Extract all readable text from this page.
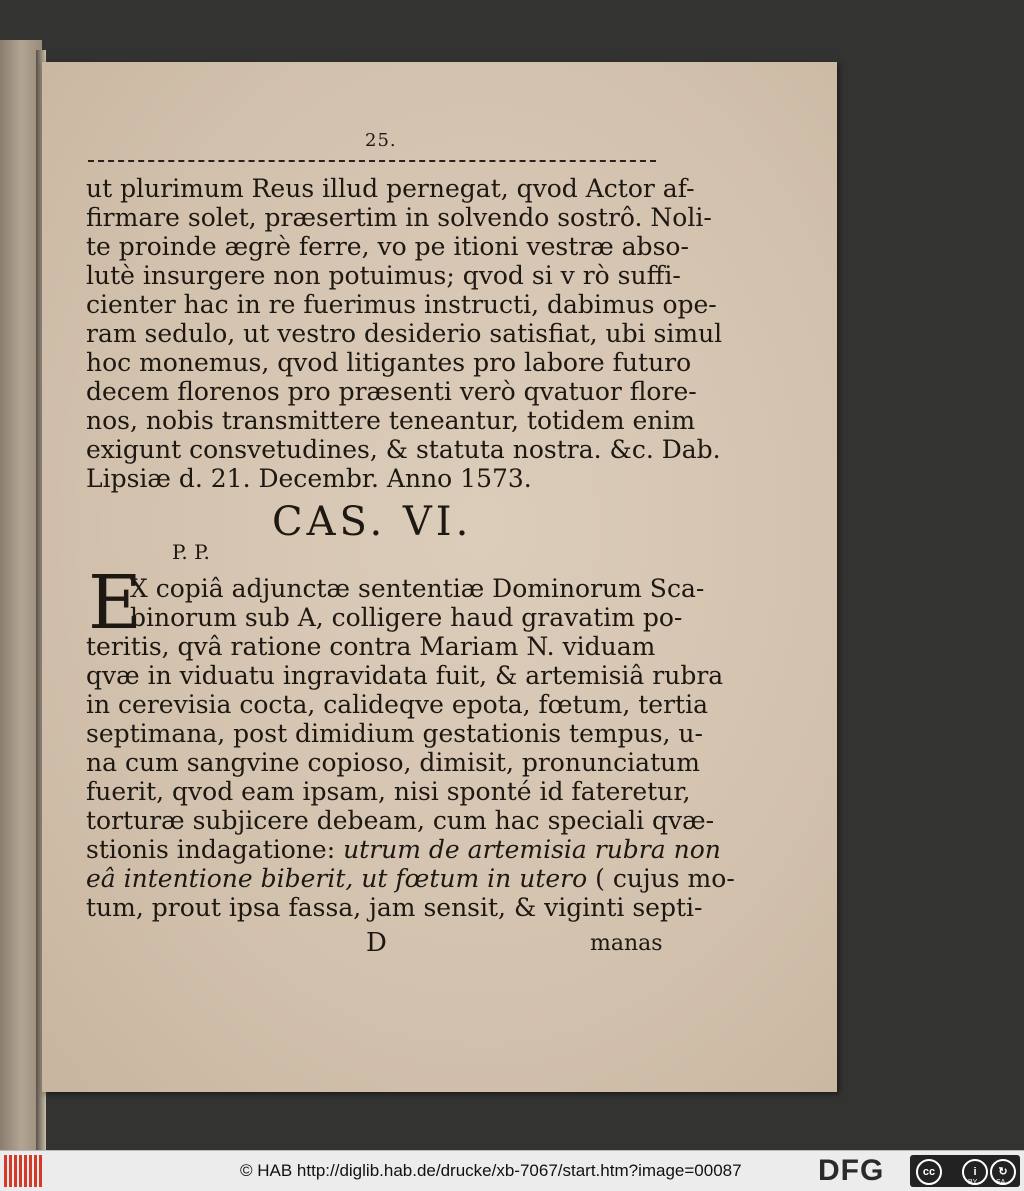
25.
ut plurimum Reus illud pernegat, qvod Actor af-
firmare solet, præsertim in solvendo sostrô. Noli-
te proinde ægrè ferre, vo pe itioni vestræ abso-
lutè insurgere non potuimus; qvod si v rò suffi-
cienter hac in re fuerimus instructi, dabimus ope-
ram sedulo, ut vestro desiderio satisfiat, ubi simul
hoc monemus, qvod litigantes pro labore futuro
decem florenos pro præsenti verò qvatuor flore-
nos, nobis transmittere teneantur, totidem enim
exigunt consvetudines, & statuta nostra. &c. Dab.
Lipsiæ d. 21. Decembr. Anno 1573.
CAS. VI.
P. P.
E
X copiâ adjunctæ sententiæ Dominorum Sca-
binorum sub A, colligere haud gravatim po-
teritis, qvâ ratione contra Mariam N. viduam
qvæ in viduatu ingravidata fuit, & artemisiâ rubra
in cerevisia cocta, calideqve epota, fœtum, tertia
septimana, post dimidium gestationis tempus, u-
na cum sangvine copioso, dimisit, pronunciatum
fuerit, qvod eam ipsam, nisi sponté id fateretur,
torturæ subjicere debeam, cum hac speciali qvæ-
stionis indagatione: utrum de artemisia rubra non
eâ intentione biberit, ut fœtum in utero ( cujus mo-
tum, prout ipsa fassa, jam sensit, & viginti septi-
D	manas
© HAB http://diglib.hab.de/drucke/xb-7067/start.htm?image=00087	DFG	cc	i	↻
BY	SA
